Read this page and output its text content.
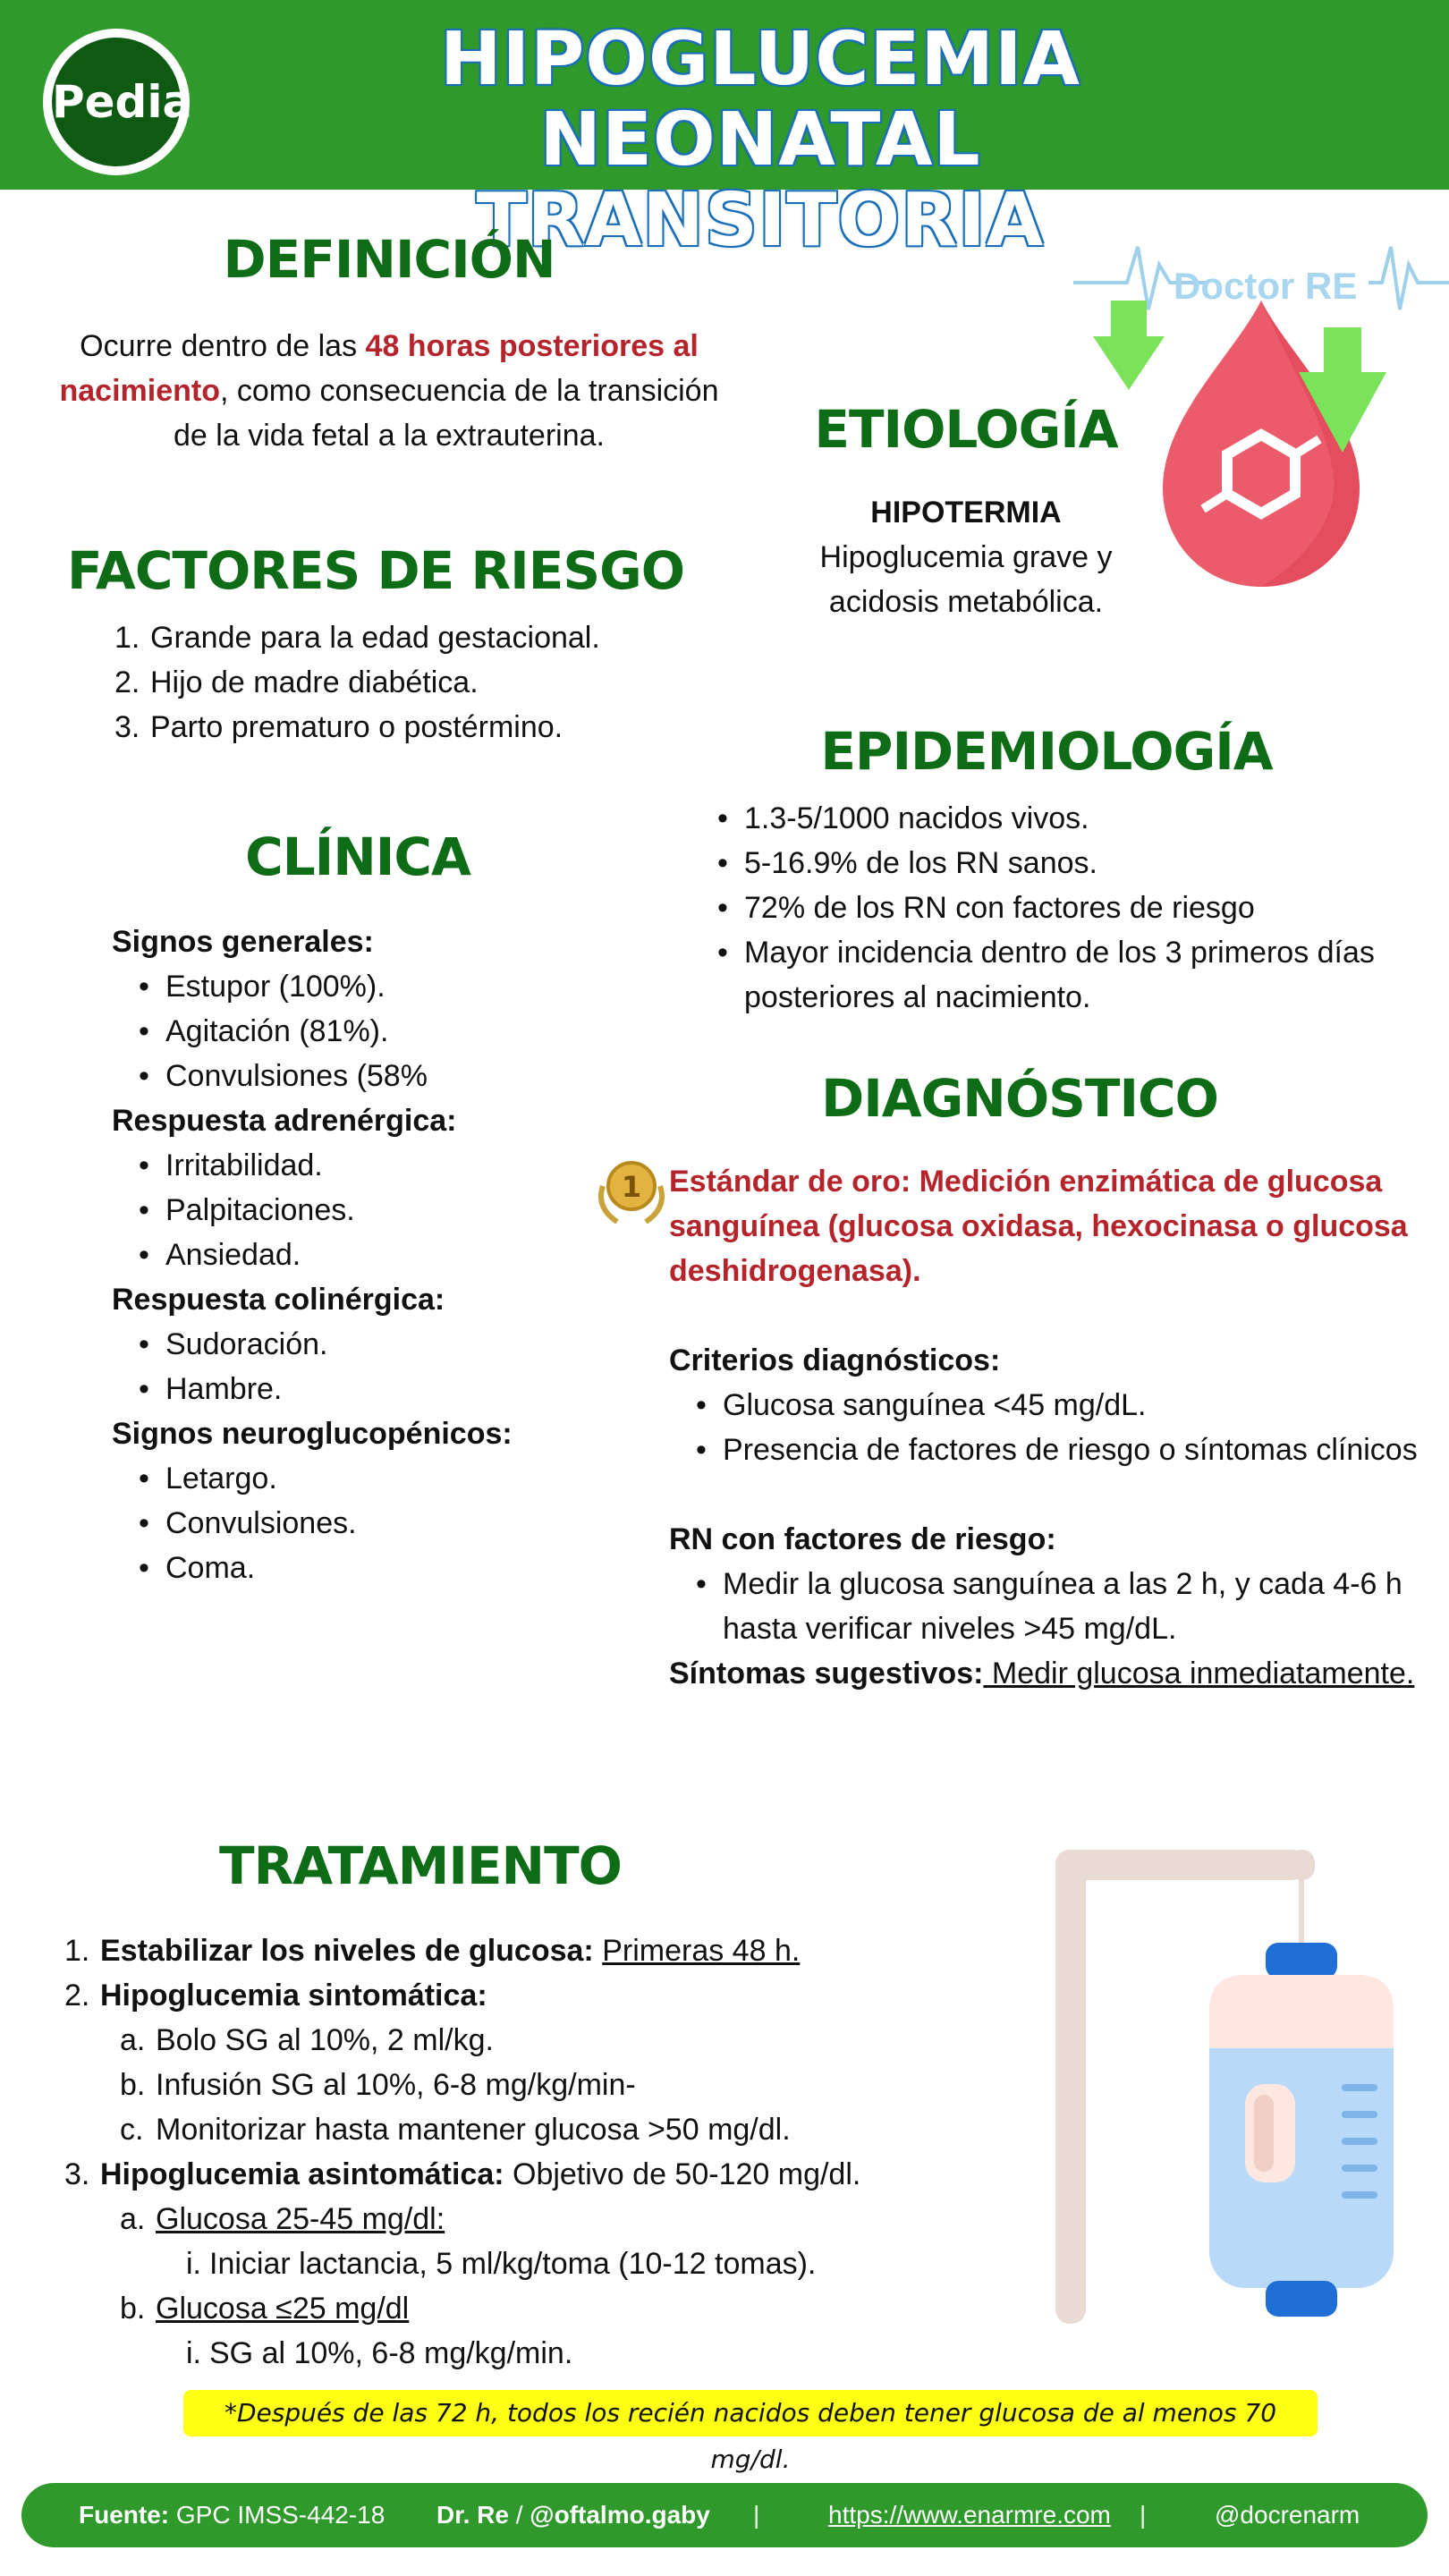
Pedia	HIPOGLUCEMIA NEONATAL
TRANSITORIA
Doctor RE
DEFINICIÓN
Ocurre dentro de las 48 horas posteriores al nacimiento, como consecuencia de la transición de la vida fetal a la extrauterina.	ETIOLOGÍA
HIPOTERMIA
Hipoglucemia grave y acidosis metabólica.
FACTORES DE RIESGO
1. Grande para la edad gestacional.
2. Hijo de madre diabética.
3. Parto prematuro o postérmino.	EPIDEMIOLOGÍA
• 1.3-5/1000 nacidos vivos.
• 5-16.9% de los RN sanos.
• 72% de los RN con factores de riesgo
• Mayor incidencia dentro de los 3 primeros días posteriores al nacimiento.
CLÍNICA
Signos generales:
• Estupor (100%).
• Agitación (81%).
• Convulsiones (58%
Respuesta adrenérgica:
• Irritabilidad.
• Palpitaciones.
• Ansiedad.
Respuesta colinérgica:
• Sudoración.
• Hambre.
Signos neuroglucopénicos:
• Letargo.
• Convulsiones.
• Coma.
DIAGNÓSTICO
1 Estándar de oro: Medición enzimática de glucosa sanguínea (glucosa oxidasa, hexocinasa o glucosa deshidrogenasa).
Criterios diagnósticos:
• Glucosa sanguínea <45 mg/dL.
• Presencia de factores de riesgo o síntomas clínicos
RN con factores de riesgo:
• Medir la glucosa sanguínea a las 2 h, y cada 4-6 h hasta verificar niveles >45 mg/dL.
Síntomas sugestivos: Medir glucosa inmediatamente.
TRATAMIENTO
1. Estabilizar los niveles de glucosa: Primeras 48 h.
2. Hipoglucemia sintomática:
a. Bolo SG al 10%, 2 ml/kg.
b. Infusión SG al 10%, 6-8 mg/kg/min-
c. Monitorizar hasta mantener glucosa >50 mg/dl.
3. Hipoglucemia asintomática: Objetivo de 50-120 mg/dl.
a. Glucosa 25-45 mg/dl:
i. Iniciar lactancia, 5 ml/kg/toma (10-12 tomas).
b. Glucosa ≤25 mg/dl
i. SG al 10%, 6-8 mg/kg/min.
*Después de las 72 h, todos los recién nacidos deben tener glucosa de al menos 70 mg/dl.
Fuente: GPC IMSS-442-18 Dr. Re / @oftalmo.gaby |	https://www.enarmre.com |	@docrenarm
